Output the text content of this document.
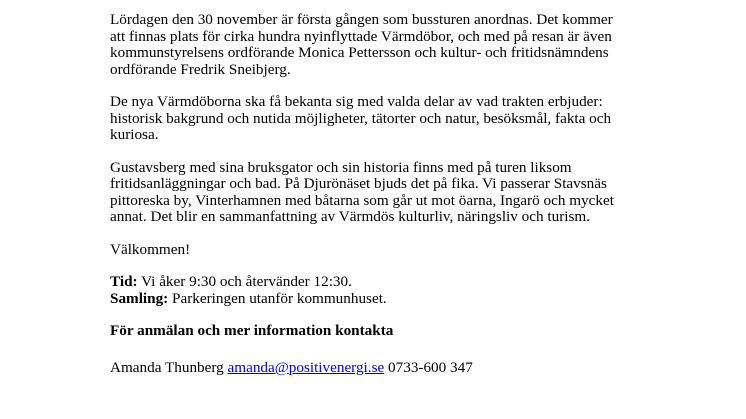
Lördagen den 30 november är första gången som bussturen anordnas. Det kommer att finnas plats för cirka hundra nyinflyttade Värmdöbor, och med på resan är även kommunstyrelsens ordförande Monica Pettersson och kultur- och fritidsnämndens ordförande Fredrik Sneibjerg.

De nya Värmdöborna ska få bekanta sig med valda delar av vad trakten erbjuder: historisk bakgrund och nutida möjligheter, tätorter och natur, besöksmål, fakta och kuriosa.

Gustavsberg med sina bruksgator och sin historia finns med på turen liksom fritidsanläggningar och bad. På Djurönäset bjuds det på fika. Vi passerar Stavsnäs pittoreska by, Vinterhamnen med båtarna som går ut mot öarna, Ingarö och mycket annat. Det blir en sammanfattning av Värmdös kulturliv, näringsliv och turism.

Välkommen!

Tid: Vi åker 9:30 och återvänder 12:30.

Samling: Parkeringen utanför kommunhuset.

För anmälan och mer information kontakta

Amanda Thunberg amanda@positivenergi.se 0733-600 347
